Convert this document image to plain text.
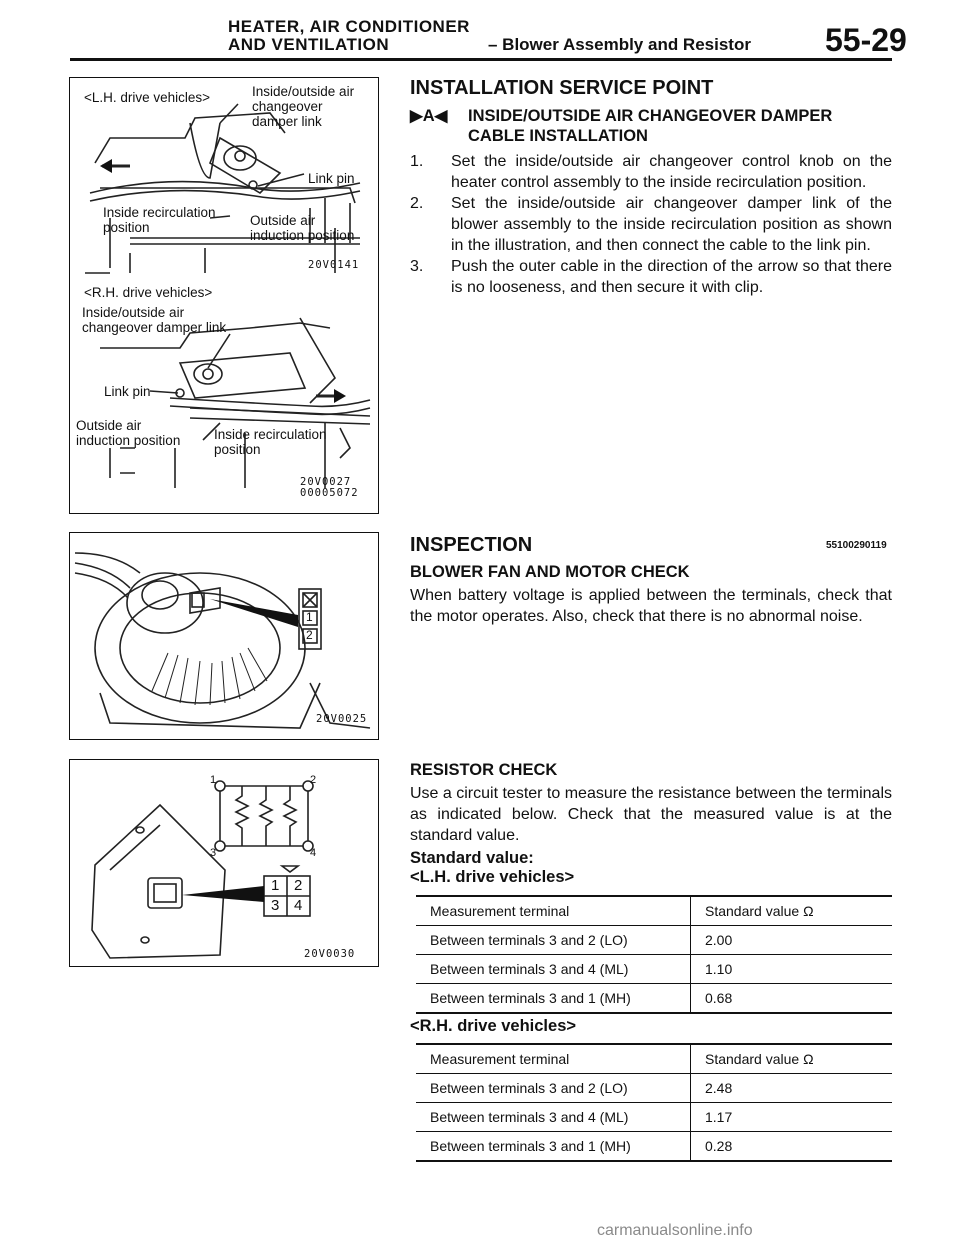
HEATER, AIR CONDITIONER
AND VENTILATION	– Blower Assembly and Resistor 55-29
<L.H. drive vehicles>	Inside/outside air
changeover
damper link
Link pin
Inside recirculation
position	Outside air
induction position
20V0141
<R.H. drive vehicles>
Inside/outside air
changeover damper link
Link pin
Outside air
induction position Inside recirculation
position
20V0027
00005072
INSTALLATION SERVICE POINT
▶A◀ INSIDE/OUTSIDE AIR CHANGEOVER DAMPER
CABLE INSTALLATION
1. Set the inside/outside air changeover control knob on the heater control assembly to the inside recirculation position.
2. Set the inside/outside air changeover damper link of the blower assembly to the inside recirculation position as shown in the illustration, and then connect the cable to the link pin.
3. Push the outer cable in the direction of the arrow so that there is no looseness, and then secure it with clip.
1
2
20V0025
INSPECTION	55100290119
BLOWER FAN AND MOTOR CHECK
When battery voltage is applied between the terminals, check that the motor operates. Also, check that there is no abnormal noise.
1	2
3	4
1 2
3 4
20V0030
RESISTOR CHECK
Use a circuit tester to measure the resistance between the terminals as indicated below. Check that the measured value is at the standard value.
Standard value:
<L.H. drive vehicles>
Measurement terminal	Standard value Ω
Between terminals 3 and 2 (LO)	2.00
Between terminals 3 and 4 (ML)	1.10
Between terminals 3 and 1 (MH)	0.68
<R.H. drive vehicles>
Measurement terminal	Standard value Ω
Between terminals 3 and 2 (LO)	2.48
Between terminals 3 and 4 (ML)	1.17
Between terminals 3 and 1 (MH)	0.28
carmanualsonline.info
